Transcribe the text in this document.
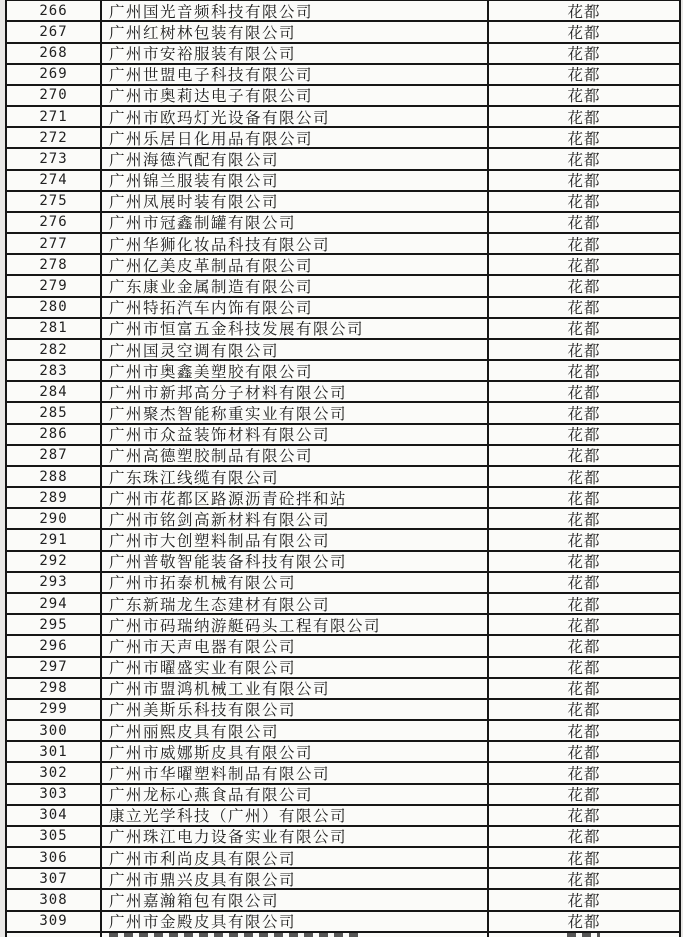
266	广州国光音频科技有限公司	花都
267	广州红树林包装有限公司	花都
268	广州市安裕服装有限公司	花都
269	广州世盟电子科技有限公司	花都
270	广州市奥莉达电子有限公司	花都
271	广州市欧玛灯光设备有限公司	花都
272	广州乐居日化用品有限公司	花都
273	广州海德汽配有限公司	花都
274	广州锦兰服装有限公司	花都
275	广州凤展时装有限公司	花都
276	广州市冠鑫制罐有限公司	花都
277	广州华狮化妆品科技有限公司	花都
278	广州亿美皮革制品有限公司	花都
279	广东康业金属制造有限公司	花都
280	广州特拓汽车内饰有限公司	花都
281	广州市恒富五金科技发展有限公司	花都
282	广州国灵空调有限公司	花都
283	广州市奥鑫美塑胶有限公司	花都
284	广州市新邦高分子材料有限公司	花都
285	广州聚杰智能称重实业有限公司	花都
286	广州市众益装饰材料有限公司	花都
287	广州高德塑胶制品有限公司	花都
288	广东珠江线缆有限公司	花都
289	广州市花都区路源沥青砼拌和站	花都
290	广州市铭剑高新材料有限公司	花都
291	广州市大创塑料制品有限公司	花都
292	广州普敬智能装备科技有限公司	花都
293	广州市拓泰机械有限公司	花都
294	广东新瑞龙生态建材有限公司	花都
295	广州市码瑞纳游艇码头工程有限公司	花都
296	广州市天声电器有限公司	花都
297	广州市曜盛实业有限公司	花都
298	广州市盟鸿机械工业有限公司	花都
299	广州美斯乐科技有限公司	花都
300	广州丽熙皮具有限公司	花都
301	广州市威娜斯皮具有限公司	花都
302	广州市华曜塑料制品有限公司	花都
303	广州龙标心燕食品有限公司	花都
304	康立光学科技（广州）有限公司	花都
305	广州珠江电力设备实业有限公司	花都
306	广州市利尚皮具有限公司	花都
307	广州市鼎兴皮具有限公司	花都
308	广州嘉瀚箱包有限公司	花都
309	广州市金殿皮具有限公司	花都
